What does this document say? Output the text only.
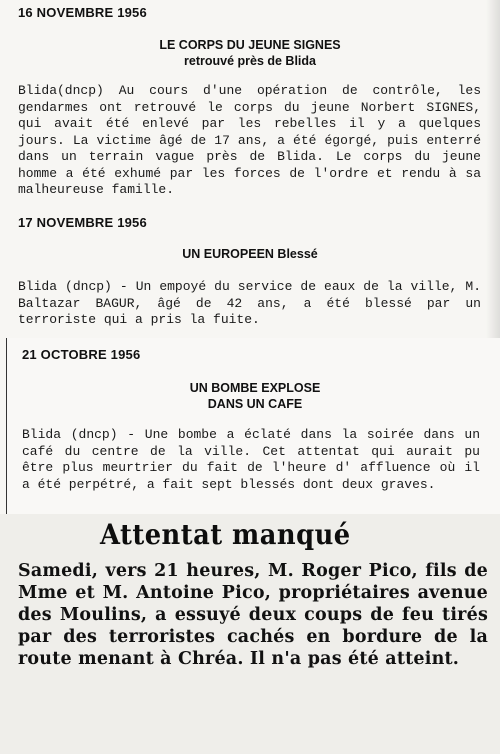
16 NOVEMBRE 1956
LE CORPS DU JEUNE SIGNES
retrouvé près de Blida
Blida(dncp) Au cours d'une opération de contrôle, les gendarmes ont retrouvé le corps du jeune Norbert SIGNES, qui avait été enlevé par les rebelles il y a quelques jours. La victime âgé de 17 ans, a été égorgé, puis enterré dans un terrain vague près de Blida. Le corps du jeune homme a été exhumé par les forces de l'ordre et rendu à sa malheureuse famille.
17 NOVEMBRE 1956
UN EUROPEEN Blessé
Blida (dncp) - Un empoyé du service de eaux de la ville, M. Baltazar BAGUR, âgé de 42 ans, a été blessé par un terroriste qui a pris la fuite.
21 OCTOBRE 1956
UN BOMBE EXPLOSE
DANS UN CAFE
Blida (dncp) - Une bombe a éclaté dans la soirée dans un café du centre de la ville. Cet attentat qui aurait pu être plus meurtrier du fait de l'heure d' affluence où il a été perpétré, a fait sept blessés dont deux graves.
Attentat manqué
Samedi, vers 21 heures, M. Roger Pico, fils de Mme et M. Antoine Pico, propriétaires avenue des Moulins, a essuyé deux coups de feu tirés par des terroristes cachés en bordure de la route menant à Chréa. Il n'a pas été atteint.
